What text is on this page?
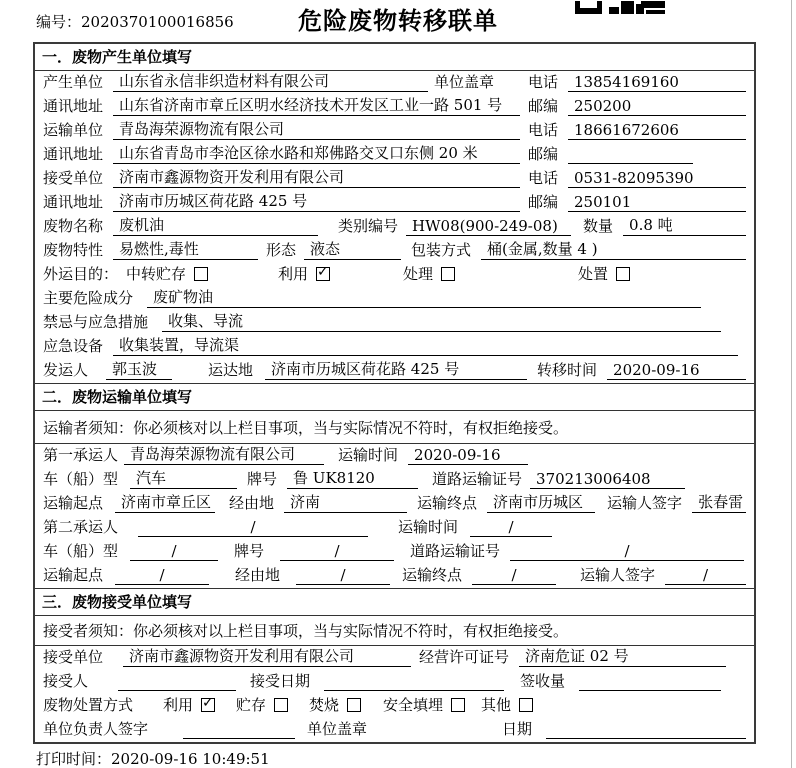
编号：2020370100016856	危险废物转移联单
一．废物产生单位填写
产生单位	山东省永信非织造材料有限公司	单位盖章 电话	13854169160
通讯地址	山东省济南市章丘区明水经济技术开发区工业一路 501 号	邮编	250200
运输单位	青岛海荣源物流有限公司	电话	18661672606
通讯地址	山东省青岛市李沧区徐水路和郑佛路交叉口东侧 20 米	邮编
接受单位	济南市鑫源物资开发利用有限公司	电话	0531-82095390
通讯地址	济南市历城区荷花路 425 号	邮编	250101
废物名称	废机油	类别编号 HW08(900-249-08)	数量	0.8 吨
废物特性	易燃性,毒性	形态 液态	包装方式	桶(金属,数量 4 )
外运目的： 中转贮存	利用 ✓	处理	处置
主要危险成分	废矿物油
禁忌与应急措施	收集、导流
应急设备	收集装置，导流渠
发运人	郭玉波	运达地	济南市历城区荷花路 425 号	转移时间	2020-09-16
二．废物运输单位填写
运输者须知：你必须核对以上栏目事项，当与实际情况不符时，有权拒绝接受。
第一承运人 青岛海荣源物流有限公司	运输时间	2020-09-16
车（船）型	汽车	牌号	鲁 UK8120	道路运输证号 370213006408
运输起点	济南市章丘区 经由地	济南	运输终点	济南市历城区	运输人签字	张春雷
第二承运人	/	运输时间	/
车（船）型	/	牌号	/	道路运输证号	/
运输起点	/	经由地	/	运输终点	/	运输人签字	/
三．废物接受单位填写
接受者须知：你必须核对以上栏目事项，当与实际情况不符时，有权拒绝接受。
接受单位	济南市鑫源物资开发利用有限公司	经营许可证号	济南危证 02 号
接受人	接受日期	签收量
废物处置方式 利用 ✓	贮存	焚烧	安全填埋	其他
单位负责人签字	单位盖章	日期
打印时间：2020-09-16 10:49:51
